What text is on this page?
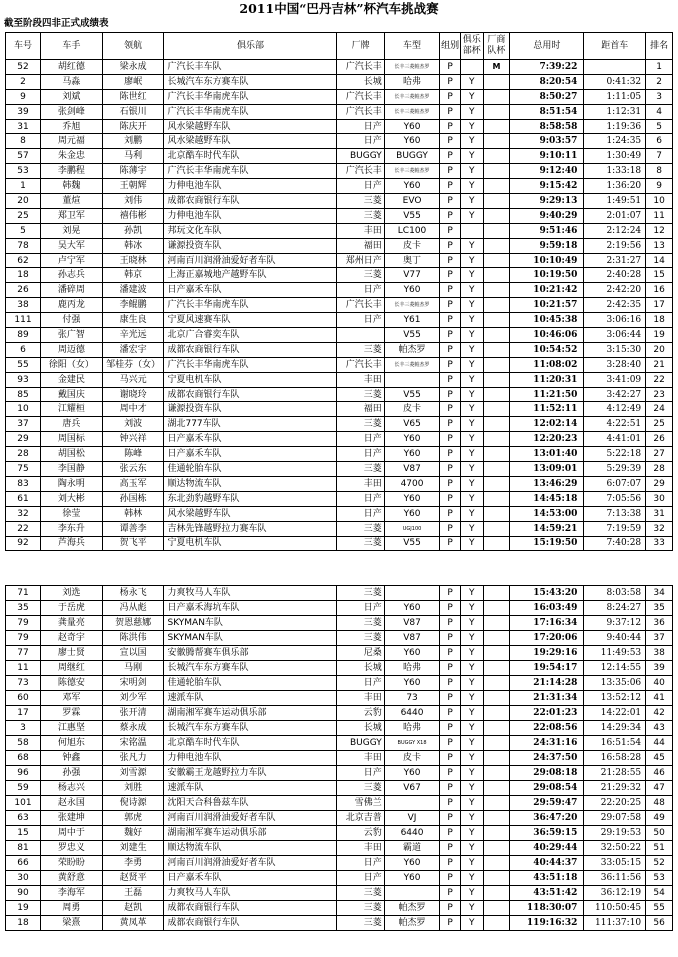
2011中国“巴丹吉林”杯汽车挑战赛
截至阶段四非正式成绩表
车号	车手	领航	俱乐部	厂牌	车型	组别	俱乐部杯	厂商队杯	总用时	距首车	排名
52	胡红德	梁永成	广汽长丰车队	广汽长丰	长丰三菱帕杰罗	P		M	7:39:22		1
2	马淼	廖岷	长城汽车东方赛车队	长城	哈弗	P	Y		8:20:54	0:41:32	2
9	刘斌	陈世红	广汽长丰华南虎车队	广汽长丰	长丰三菱帕杰罗	P	Y		8:50:27	1:11:05	3
39	张剑峰	石银川	广汽长丰华南虎车队	广汽长丰	长丰三菱帕杰罗	P	Y		8:51:54	1:12:31	4
31	乔旭	陈庆开	风水梁越野车队	日产	Y60	P	Y		8:58:58	1:19:36	5
8	周元福	刘鹏	风水梁越野车队	日产	Y60	P	Y		9:03:57	1:24:35	6
57	朱金忠	马利	北京酷车时代车队	BUGGY	BUGGY	P	Y		9:10:11	1:30:49	7
53	李鹏程	陈薄宇	广汽长丰华南虎车队	广汽长丰	长丰三菱帕杰罗	P	Y		9:12:40	1:33:18	8
1	韩魏	王朝辉	力伸电池车队	日产	Y60	P	Y		9:15:42	1:36:20	9
20	董煊	刘伟	成都农商银行车队	三菱	EVO	P	Y		9:29:13	1:49:51	10
25	郑卫军	禧伟彬	力伸电池车队	三菱	V55	P	Y		9:40:29	2:01:07	11
5	刘晃	孙凯	邦玩文化车队	丰田	LC100	P			9:51:46	2:12:24	12
78	吴大军	韩冰	谦源投资车队	福田	皮卡	P	Y		9:59:18	2:19:56	13
62	卢宁军	王晓林	河南百川润滑油爱好者车队	郑州日产	奥丁	P	Y		10:10:49	2:31:27	14
18	孙志兵	韩京	上海正嘉城地产越野车队	三菱	V77	P	Y		10:19:50	2:40:28	15
26	潘碎周	潘建波	日产嘉禾车队	日产	Y60	P	Y		10:21:42	2:42:20	16
38	鹿丙龙	李鲲鹏	广汽长丰华南虎车队	广汽长丰	长丰三菱帕杰罗	P	Y		10:21:57	2:42:35	17
111	付强	康生良	宁夏风速赛车队	日产	Y61	P	Y		10:45:38	3:06:16	18
89	张广智	辛光远	北京广合睿奕车队		V55	P	Y		10:46:06	3:06:44	19
6	周迈德	潘宏宇	成都农商银行车队	三菱	帕杰罗	P	Y		10:54:52	3:15:30	20
55	徐阳（女）	邹桂芬（女）	广汽长丰华南虎车队	广汽长丰	长丰三菱帕杰罗	P	Y		11:08:02	3:28:40	21
93	金建民	马兴元	宁夏电机车队	丰田		P	Y		11:20:31	3:41:09	22
85	戴国庆	谢晓玲	成都农商银行车队	三菱	V55	P	Y		11:21:50	3:42:27	23
10	江耀桓	周中才	谦源投资车队	福田	皮卡	P	Y		11:52:11	4:12:49	24
37	唐兵	刘波	湖北777车队	三菱	V65	P	Y		12:02:14	4:22:51	25
29	周国标	钟兴祥	日产嘉禾车队	日产	Y60	P	Y		12:20:23	4:41:01	26
28	胡国松	陈峰	日产嘉禾车队	日产	Y60	P	Y		13:01:40	5:22:18	27
75	李国静	张云东	佳通轮胎车队	三菱	V87	P	Y		13:09:01	5:29:39	28
83	陶永明	高玉军	顺达物流车队	丰田	4700	P	Y		13:46:29	6:07:07	29
61	刘大彬	孙国栋	东北劲豹越野车队	日产	Y60	P	Y		14:45:18	7:05:56	30
32	徐莹	韩林	风水梁越野车队	日产	Y60	P	Y		14:53:00	7:13:38	31
22	李东升	谭善李	吉林先锋越野拉力赛车队	三菱	UGJ100	P	Y		14:59:21	7:19:59	32
92	芦海兵	贺飞平	宁夏电机车队	三菱	V55	P	Y		15:19:50	7:40:28	33
71	刘选	杨永飞	力爽牧马人车队	三菱		P	Y		15:43:20	8:03:58	34
35	于岳虎	冯从彪	日产嘉禾海坑车队	日产	Y60	P	Y		16:03:49	8:24:27	35
79	龚量亮	贺恩慈娜	SKYMAN车队	三菱	V87	P	Y		17:16:34	9:37:12	36
79	赵奇宇	陈洪伟	SKYMAN车队	三菱	V87	P	Y		17:20:06	9:40:44	37
77	廖士贤	宣以国	安徽腾帮赛车俱乐部	尼桑	Y60	P	Y		19:29:16	11:49:53	38
11	周继红	马刚	长城汽车东方赛车队	长城	哈弗	P	Y		19:54:17	12:14:55	39
73	陈德安	宋明剑	佳通轮胎车队	日产	Y60	P	Y		21:14:28	13:35:06	40
60	邓军	刘少军	速派车队	丰田	73	P	Y		21:31:34	13:52:12	41
17	罗霖	张开清	湖南湘军赛车运动俱乐部	云豹	6440	P	Y		22:01:23	14:22:01	42
3	江惠坚	蔡永成	长城汽车东方赛车队	长城	哈弗	P	Y		22:08:56	14:29:34	43
58	何旭东	宋铭温	北京酷车时代车队	BUGGY	BUGGY X18	P	Y		24:31:16	16:51:54	44
68	钟鑫	张凡力	力伸电池车队	丰田	皮卡	P	Y		24:37:50	16:58:28	45
96	孙强	刘雪源	安徽霸王龙越野拉力车队	日产	Y60	P	Y		29:08:18	21:28:55	46
59	杨志兴	刘胜	速派车队	三菱	V67	P	Y		29:08:54	21:29:32	47
101	赵永国	倪诗源	沈阳天合科鲁兹车队	雪佛兰		P	Y		29:59:47	22:20:25	48
63	张建坤	郭虎	河南百川润滑油爱好者车队	北京吉普	VJ	P	Y		36:47:20	29:07:58	49
15	周中于	魏好	湖南湘军赛车运动俱乐部	云豹	6440	P	Y		36:59:15	29:19:53	50
81	罗忠义	刘建生	顺达物流车队	丰田	霸道	P	Y		40:29:44	32:50:22	51
66	荣盼盼	李勇	河南百川润滑油爱好者车队	日产	Y60	P	Y		40:44:37	33:05:15	52
30	黄舒意	赵贤平	日产嘉禾车队	日产	Y60	P	Y		43:51:18	36:11:56	53
90	李海军	王磊	力爽牧马人车队	三菱		P	Y		43:51:42	36:12:19	54
19	周勇	赵凯	成都农商银行车队	三菱	帕杰罗	P	Y		118:30:07	110:50:45	55
18	梁熹	黄凤革	成都农商银行车队	三菱	帕杰罗	P	Y		119:16:32	111:37:10	56
